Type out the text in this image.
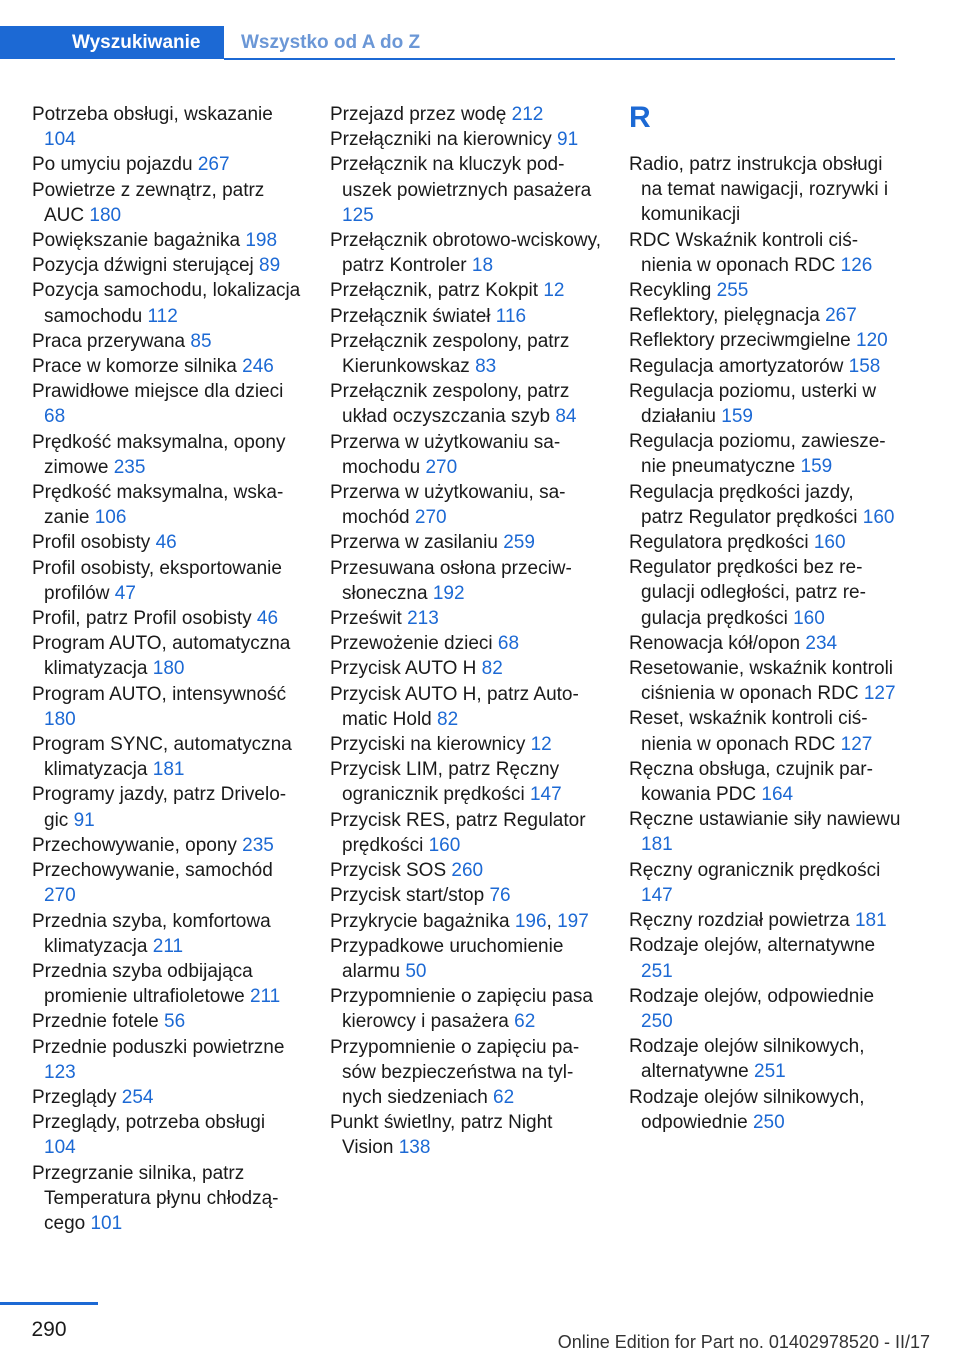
Wyszukiwanie	Wszystko od A do Z
Potrzeba obsługi, wskazanie 104
Po umyciu pojazdu 267
Powietrze z zewnątrz, patrz AUC 180
Powiększanie bagażnika 198
Pozycja dźwigni sterującej 89
Pozycja samochodu, lokalizacja samochodu 112
Praca przerywana 85
Prace w komorze silnika 246
Prawidłowe miejsce dla dzieci 68
Prędkość maksymalna, opony zimowe 235
Prędkość maksymalna, wskazanie 106
Profil osobisty 46
Profil osobisty, eksportowanie profilów 47
Profil, patrz Profil osobisty 46
Program AUTO, automatyczna klimatyzacja 180
Program AUTO, intensywność 180
Program SYNC, automatyczna klimatyzacja 181
Programy jazdy, patrz Drivelogic 91
Przechowywanie, opony 235
Przechowywanie, samochód 270
Przednia szyba, komfortowa klimatyzacja 211
Przednia szyba odbijająca promienie ultrafioletowe 211
Przednie fotele 56
Przednie poduszki powietrzne 123
Przeglądy 254
Przeglądy, potrzeba obsługi 104
Przegrzanie silnika, patrz Temperatura płynu chłodzącego 101
Przejazd przez wodę 212
Przełączniki na kierownicy 91
Przełącznik na kluczyk poduszek powietrznych pasażera 125
Przełącznik obrotowo-wciskowy, patrz Kontroler 18
Przełącznik, patrz Kokpit 12
Przełącznik świateł 116
Przełącznik zespolony, patrz Kierunkowskaz 83
Przełącznik zespolony, patrz układ oczyszczania szyb 84
Przerwa w użytkowaniu samochodu 270
Przerwa w użytkowaniu, samochód 270
Przerwa w zasilaniu 259
Przesuwana osłona przeciwsłoneczna 192
Prześwit 213
Przewożenie dzieci 68
Przycisk AUTO H 82
Przycisk AUTO H, patrz Automatic Hold 82
Przyciski na kierownicy 12
Przycisk LIM, patrz Ręczny ogranicznik prędkości 147
Przycisk RES, patrz Regulator prędkości 160
Przycisk SOS 260
Przycisk start/stop 76
Przykrycie bagażnika 196, 197
Przypadkowe uruchomienie alarmu 50
Przypomnienie o zapięciu pasa kierowcy i pasażera 62
Przypomnienie o zapięciu pasów bezpieczeństwa na tylnych siedzeniach 62
Punkt świetlny, patrz Night Vision 138
R
Radio, patrz instrukcja obsługi na temat nawigacji, rozrywki i komunikacji
RDC Wskaźnik kontroli ciśnienia w oponach RDC 126
Recykling 255
Reflektory, pielęgnacja 267
Reflektory przeciwmgielne 120
Regulacja amortyzatorów 158
Regulacja poziomu, usterki w działaniu 159
Regulacja poziomu, zawieszenie pneumatyczne 159
Regulacja prędkości jazdy, patrz Regulator prędkości 160
Regulatora prędkości 160
Regulator prędkości bez regulacji odległości, patrz regulacja prędkości 160
Renowacja kół/opon 234
Resetowanie, wskaźnik kontroli ciśnienia w oponach RDC 127
Reset, wskaźnik kontroli ciśnienia w oponach RDC 127
Ręczna obsługa, czujnik parkowania PDC 164
Ręczne ustawianie siły nawiewu 181
Ręczny ogranicznik prędkości 147
Ręczny rozdział powietrza 181
Rodzaje olejów, alternatywne 251
Rodzaje olejów, odpowiednie 250
Rodzaje olejów silnikowych, alternatywne 251
Rodzaje olejów silnikowych, odpowiednie 250
290
Online Edition for Part no. 01402978520 - II/17
